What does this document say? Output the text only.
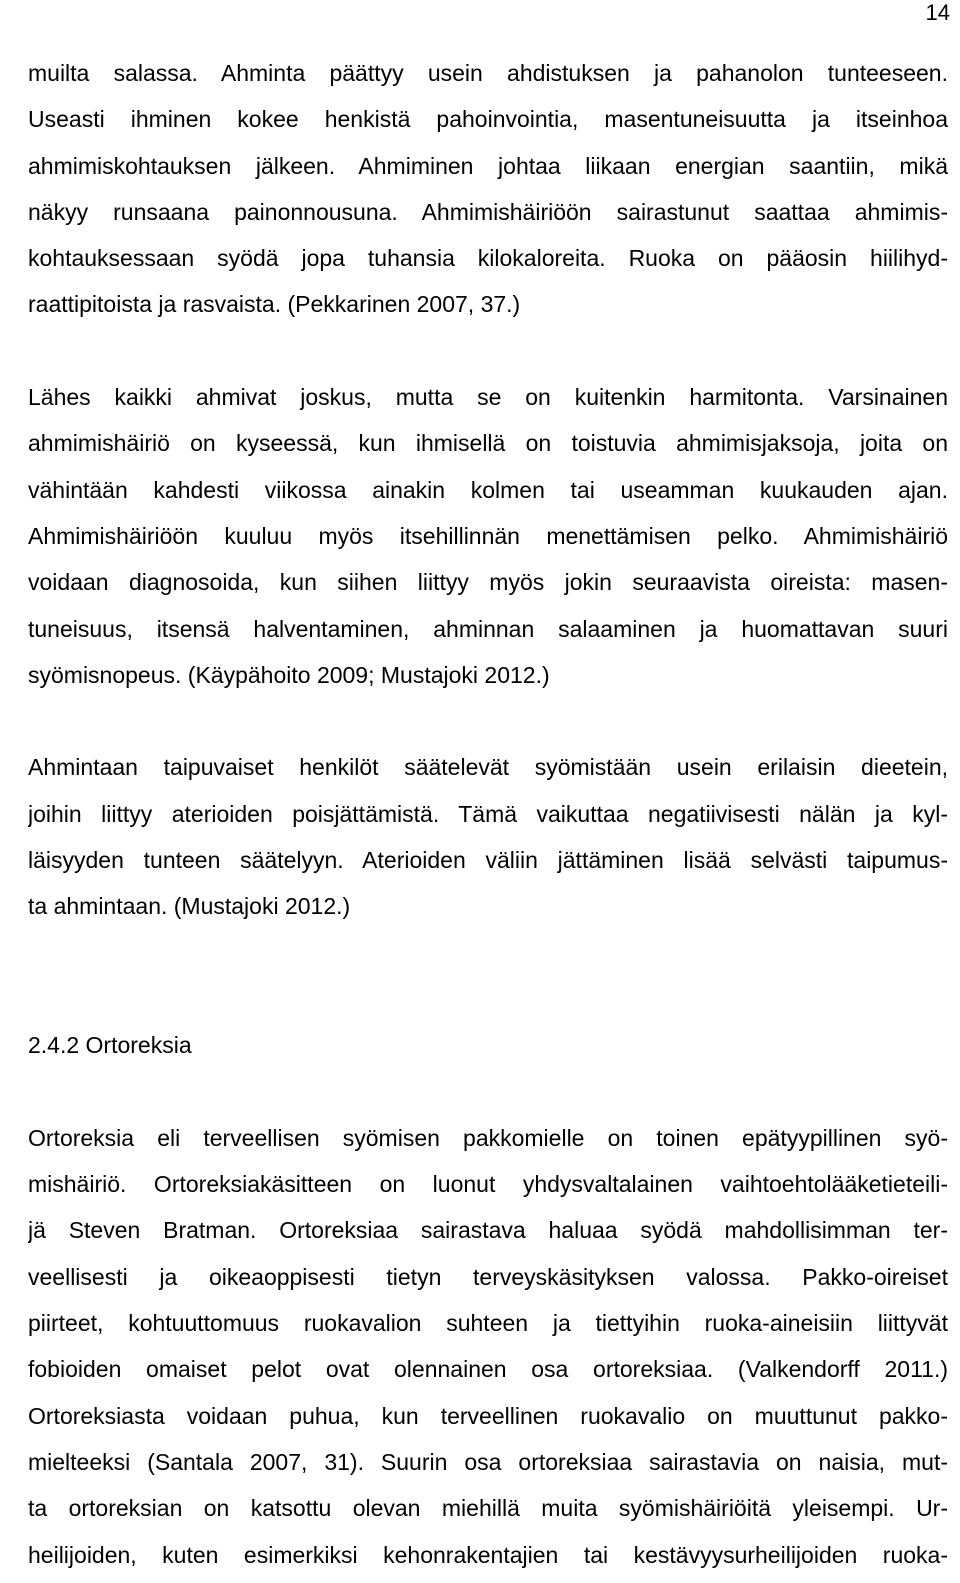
14
muilta salassa. Ahminta päättyy usein ahdistuksen ja pahanolon tunteeseen.
Useasti ihminen kokee henkistä pahoinvointia, masentuneisuutta ja itseinhoa
ahmimiskohtauksen jälkeen. Ahmiminen johtaa liikaan energian saantiin, mikä
näkyy runsaana painonnousuna. Ahmimishäiriöön sairastunut saattaa ahmimis-
kohtauksessaan syödä jopa tuhansia kilokaloreita. Ruoka on pääosin hiilihyd-
raattipitoista ja rasvaista. (Pekkarinen 2007, 37.)
Lähes kaikki ahmivat joskus, mutta se on kuitenkin harmitonta. Varsinainen
ahmimishäiriö on kyseessä, kun ihmisellä on toistuvia ahmimisjaksoja, joita on
vähintään kahdesti viikossa ainakin kolmen tai useamman kuukauden ajan.
Ahmimishäiriöön kuuluu myös itsehillinnän menettämisen pelko. Ahmimishäiriö
voidaan diagnosoida, kun siihen liittyy myös jokin seuraavista oireista: masen-
tuneisuus, itsensä halventaminen, ahminnan salaaminen ja huomattavan suuri
syömisnopeus. (Käypähoito 2009; Mustajoki 2012.)
Ahmintaan taipuvaiset henkilöt säätelevät syömistään usein erilaisin dieetein,
joihin liittyy aterioiden poisjättämistä. Tämä vaikuttaa negatiivisesti nälän ja kyl-
läisyyden tunteen säätelyyn. Aterioiden väliin jättäminen lisää selvästi taipumus-
ta ahmintaan. (Mustajoki 2012.)
2.4.2 Ortoreksia
Ortoreksia eli terveellisen syömisen pakkomielle on toinen epätyypillinen syö-
mishäiriö. Ortoreksiakäsitteen on luonut yhdysvaltalainen vaihtoehtolääketieteili-
jä Steven Bratman. Ortoreksiaa sairastava haluaa syödä mahdollisimman ter-
veellisesti ja oikeaoppisesti tietyn terveyskäsityksen valossa. Pakko-oireiset
piirteet, kohtuuttomuus ruokavalion suhteen ja tiettyihin ruoka-aineisiin liittyvät
fobioiden omaiset pelot ovat olennainen osa ortoreksiaa. (Valkendorff 2011.)
Ortoreksiasta voidaan puhua, kun terveellinen ruokavalio on muuttunut pakko-
mielteeksi (Santala 2007, 31). Suurin osa ortoreksiaa sairastavia on naisia, mut-
ta ortoreksian on katsottu olevan miehillä muita syömishäiriöitä yleisempi. Ur-
heilijoiden, kuten esimerkiksi kehonrakentajien tai kestävyysurheilijoiden ruoka-
